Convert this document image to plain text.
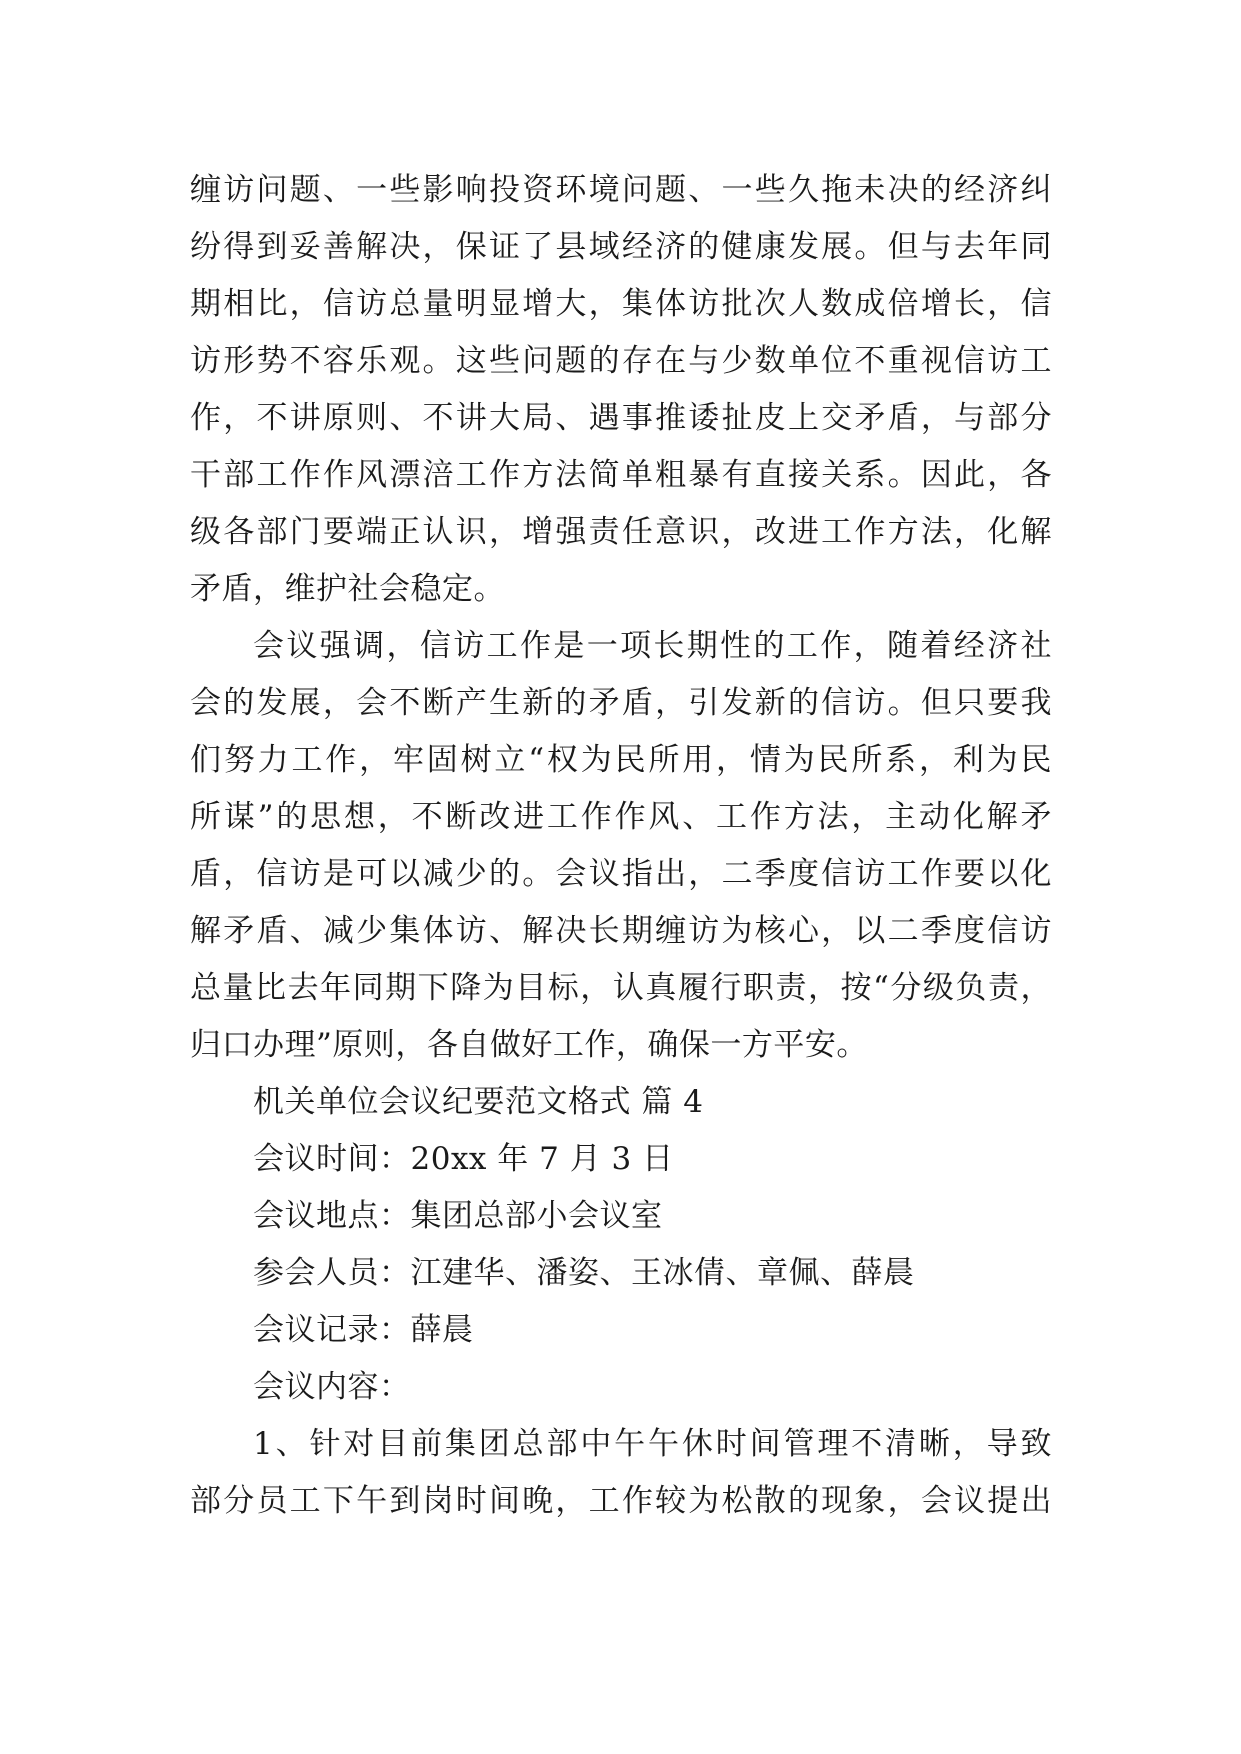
缠访问题、一些影响投资环境问题、一些久拖未决的经济纠
纷得到妥善解决，保证了县域经济的健康发展。但与去年同
期相比，信访总量明显增大，集体访批次人数成倍增长，信
访形势不容乐观。这些问题的存在与少数单位不重视信访工
作，不讲原则、不讲大局、遇事推诿扯皮上交矛盾，与部分
干部工作作风漂涪工作方法简单粗暴有直接关系。因此，各
级各部门要端正认识，增强责任意识，改进工作方法，化解
矛盾，维护社会稳定。
会议强调，信访工作是一项长期性的工作，随着经济社
会的发展，会不断产生新的矛盾，引发新的信访。但只要我
们努力工作，牢固树立“权为民所用，情为民所系，利为民
所谋”的思想，不断改进工作作风、工作方法，主动化解矛
盾，信访是可以减少的。会议指出，二季度信访工作要以化
解矛盾、减少集体访、解决长期缠访为核心，以二季度信访
总量比去年同期下降为目标，认真履行职责，按“分级负责，
归口办理”原则，各自做好工作，确保一方平安。
机关单位会议纪要范文格式 篇 4
会议时间：20xx 年 7 月 3 日
会议地点：集团总部小会议室
参会人员：江建华、潘姿、王冰倩、章佩、薛晨
会议记录：薛晨
会议内容：
1、针对目前集团总部中午午休时间管理不清晰，导致
部分员工下午到岗时间晚，工作较为松散的现象，会议提出
